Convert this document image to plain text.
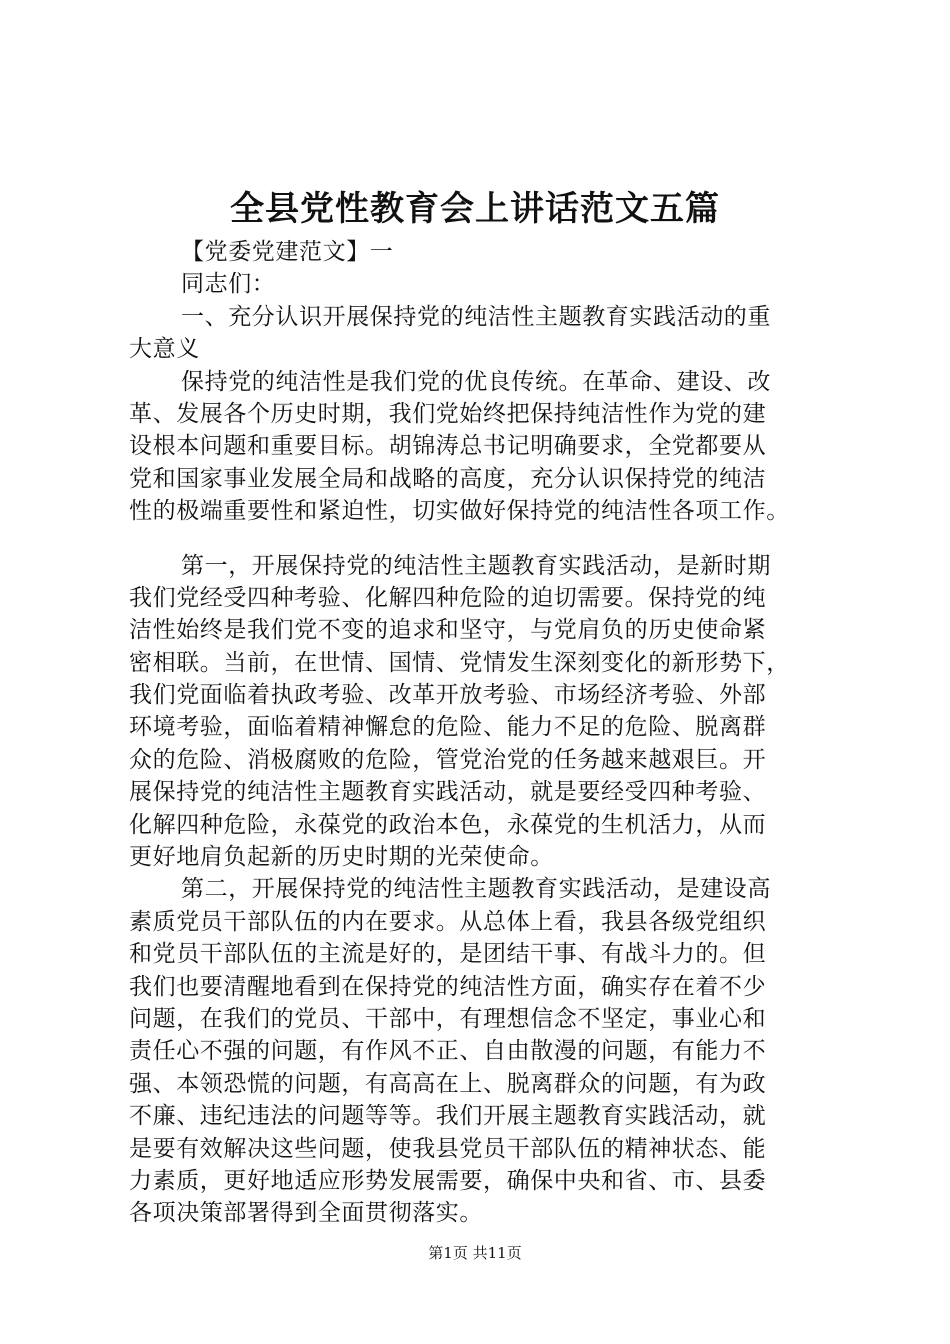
全县党性教育会上讲话范文五篇
【党委党建范文】一
同志们：
一、充分认识开展保持党的纯洁性主题教育实践活动的重
大意义
保持党的纯洁性是我们党的优良传统。在革命、建设、改
革、发展各个历史时期，我们党始终把保持纯洁性作为党的建
设根本问题和重要目标。胡锦涛总书记明确要求，全党都要从
党和国家事业发展全局和战略的高度，充分认识保持党的纯洁
性的极端重要性和紧迫性，切实做好保持党的纯洁性各项工作。
第一，开展保持党的纯洁性主题教育实践活动，是新时期
我们党经受四种考验、化解四种危险的迫切需要。保持党的纯
洁性始终是我们党不变的追求和坚守，与党肩负的历史使命紧
密相联。当前，在世情、国情、党情发生深刻变化的新形势下，
我们党面临着执政考验、改革开放考验、市场经济考验、外部
环境考验，面临着精神懈怠的危险、能力不足的危险、脱离群
众的危险、消极腐败的危险，管党治党的任务越来越艰巨。开
展保持党的纯洁性主题教育实践活动，就是要经受四种考验、
化解四种危险，永葆党的政治本色，永葆党的生机活力，从而
更好地肩负起新的历史时期的光荣使命。
第二，开展保持党的纯洁性主题教育实践活动，是建设高
素质党员干部队伍的内在要求。从总体上看，我县各级党组织
和党员干部队伍的主流是好的，是团结干事、有战斗力的。但
我们也要清醒地看到在保持党的纯洁性方面，确实存在着不少
问题，在我们的党员、干部中，有理想信念不坚定，事业心和
责任心不强的问题，有作风不正、自由散漫的问题，有能力不
强、本领恐慌的问题，有高高在上、脱离群众的问题，有为政
不廉、违纪违法的问题等等。我们开展主题教育实践活动，就
是要有效解决这些问题，使我县党员干部队伍的精神状态、能
力素质，更好地适应形势发展需要，确保中央和省、市、县委
各项决策部署得到全面贯彻落实。
第1页 共11页
